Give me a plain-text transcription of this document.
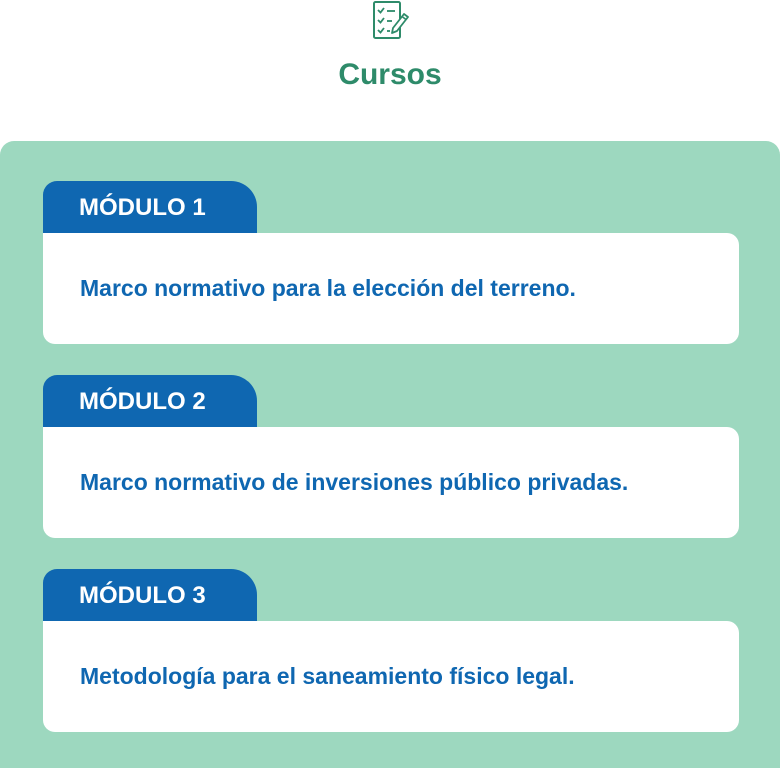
Cursos
MÓDULO 1
Marco normativo para la elección del terreno.
MÓDULO 2
Marco normativo de inversiones público privadas.
MÓDULO 3
Metodología para el saneamiento físico legal.
